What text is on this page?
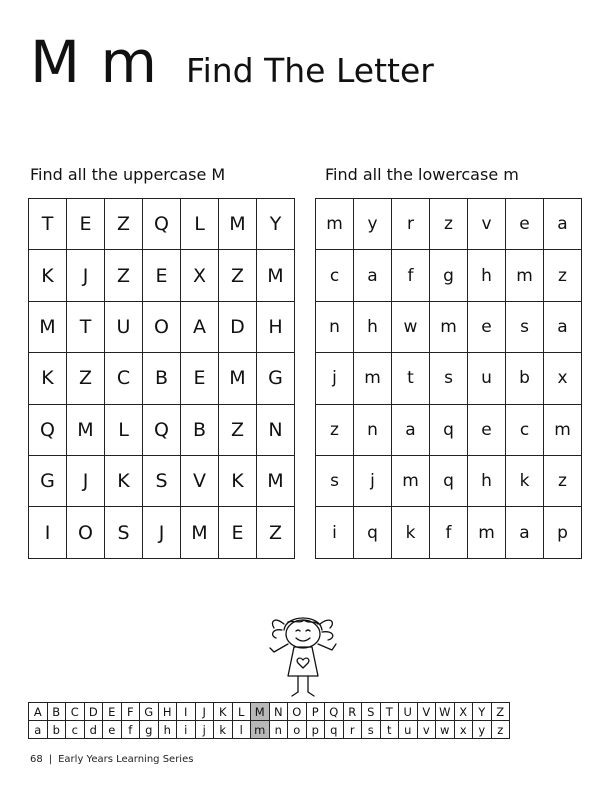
M m Find The Letter
Find all the uppercase M	Find all the lowercase m
T	E	Z	Q	L	M	Y
K	J	Z	E	X	Z	M
M	T	U	O	A	D	H
K	Z	C	B	E	M	G
Q	M	L	Q	B	Z	N
G	J	K	S	V	K	M
I	O	S	J	M	E	Z
m	y	r	z	v	e	a
c	a	f	g	h	m	z
n	h	w	m	e	s	a
j	m	t	s	u	b	x
z	n	a	q	e	c	m
s	j	m	q	h	k	z
i	q	k	f	m	a	p
A	B	C	D	E	F	G	H	I	J	K	L	M	N	O	P	Q	R	S	T	U	V	W	X	Y	Z
a	b	c	d	e	f	g	h	i	j	k	l	m	n	o	p	q	r	s	t	u	v	w	x	y	z
68 | Early Years Learning Series
